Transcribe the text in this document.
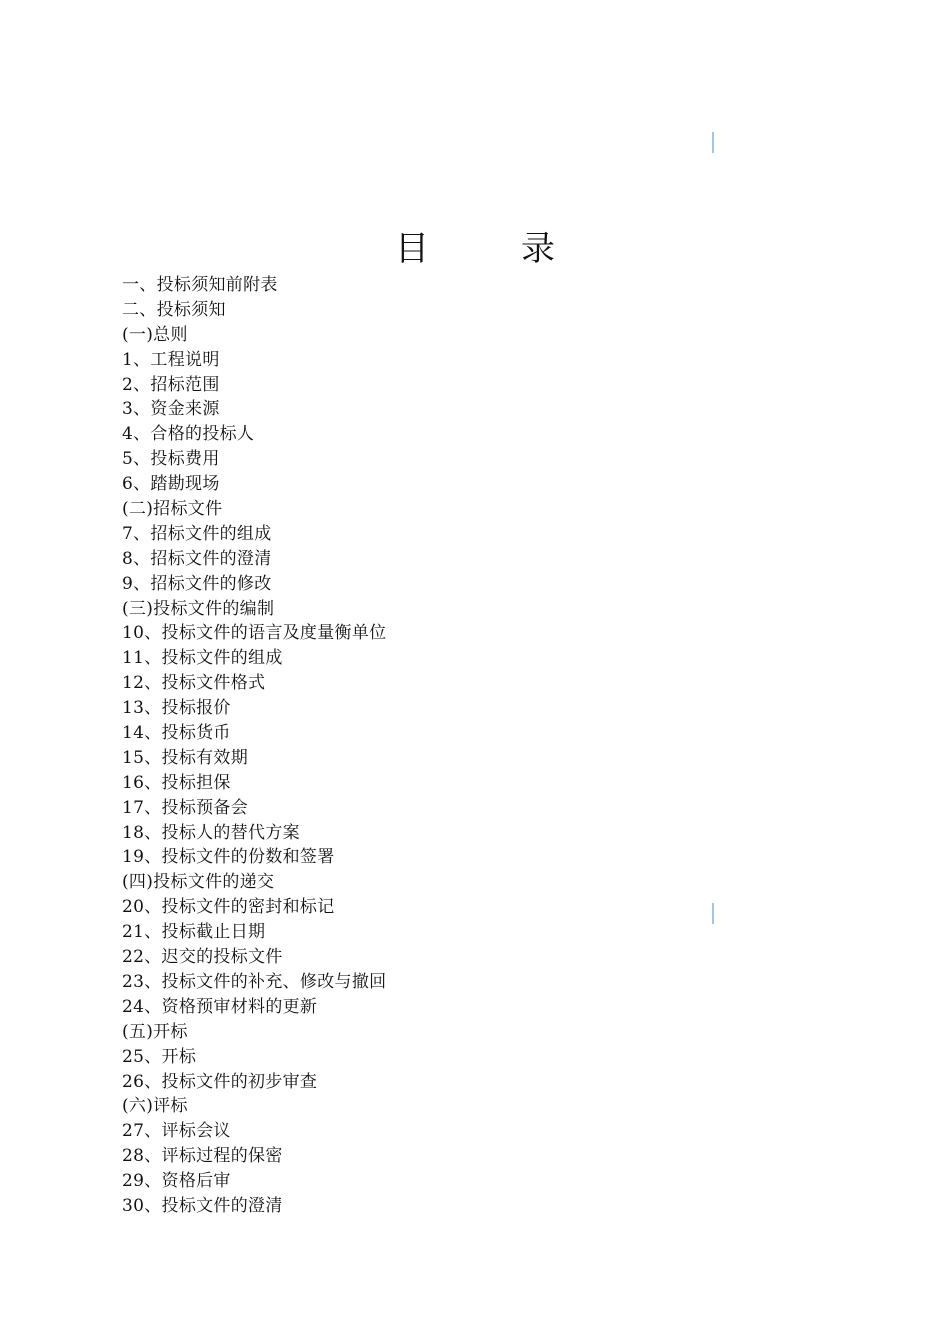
目	录
一、投标须知前附表
二、投标须知
(一)总则
1、工程说明
2、招标范围
3、资金来源
4、合格的投标人
5、投标费用
6、踏勘现场
(二)招标文件
7、招标文件的组成
8、招标文件的澄清
9、招标文件的修改
(三)投标文件的编制
10、投标文件的语言及度量衡单位
11、投标文件的组成
12、投标文件格式
13、投标报价
14、投标货币
15、投标有效期
16、投标担保
17、投标预备会
18、投标人的替代方案
19、投标文件的份数和签署
(四)投标文件的递交
20、投标文件的密封和标记
21、投标截止日期
22、迟交的投标文件
23、投标文件的补充、修改与撤回
24、资格预审材料的更新
(五)开标
25、开标
26、投标文件的初步审查
(六)评标
27、评标会议
28、评标过程的保密
29、资格后审
30、投标文件的澄清
